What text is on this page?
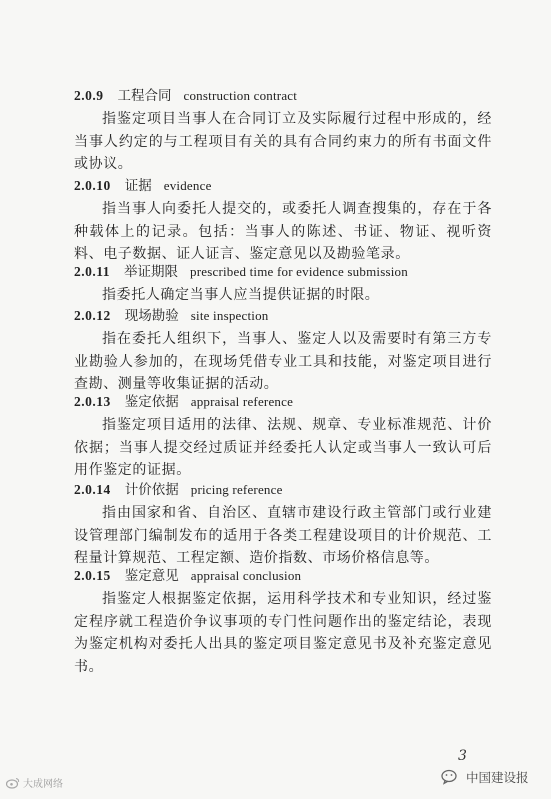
2.0.9 工程合同 construction contract
指鉴定项目当事人在合同订立及实际履行过程中形成的，经当事人约定的与工程项目有关的具有合同约束力的所有书面文件或协议。
2.0.10 证据 evidence
指当事人向委托人提交的，或委托人调查搜集的，存在于各种载体上的记录。包括：当事人的陈述、书证、物证、视听资料、电子数据、证人证言、鉴定意见以及勘验笔录。
2.0.11 举证期限 prescribed time for evidence submission
指委托人确定当事人应当提供证据的时限。
2.0.12 现场勘验 site inspection
指在委托人组织下，当事人、鉴定人以及需要时有第三方专业勘验人参加的，在现场凭借专业工具和技能，对鉴定项目进行查勘、测量等收集证据的活动。
2.0.13 鉴定依据 appraisal reference
指鉴定项目适用的法律、法规、规章、专业标准规范、计价依据；当事人提交经过质证并经委托人认定或当事人一致认可后用作鉴定的证据。
2.0.14 计价依据 pricing reference
指由国家和省、自治区、直辖市建设行政主管部门或行业建设管理部门编制发布的适用于各类工程建设项目的计价规范、工程量计算规范、工程定额、造价指数、市场价格信息等。
2.0.15 鉴定意见 appraisal conclusion
指鉴定人根据鉴定依据，运用科学技术和专业知识，经过鉴定程序就工程造价争议事项的专门性问题作出的鉴定结论，表现为鉴定机构对委托人出具的鉴定项目鉴定意见书及补充鉴定意见书。
3
大成网络	中国建设报
